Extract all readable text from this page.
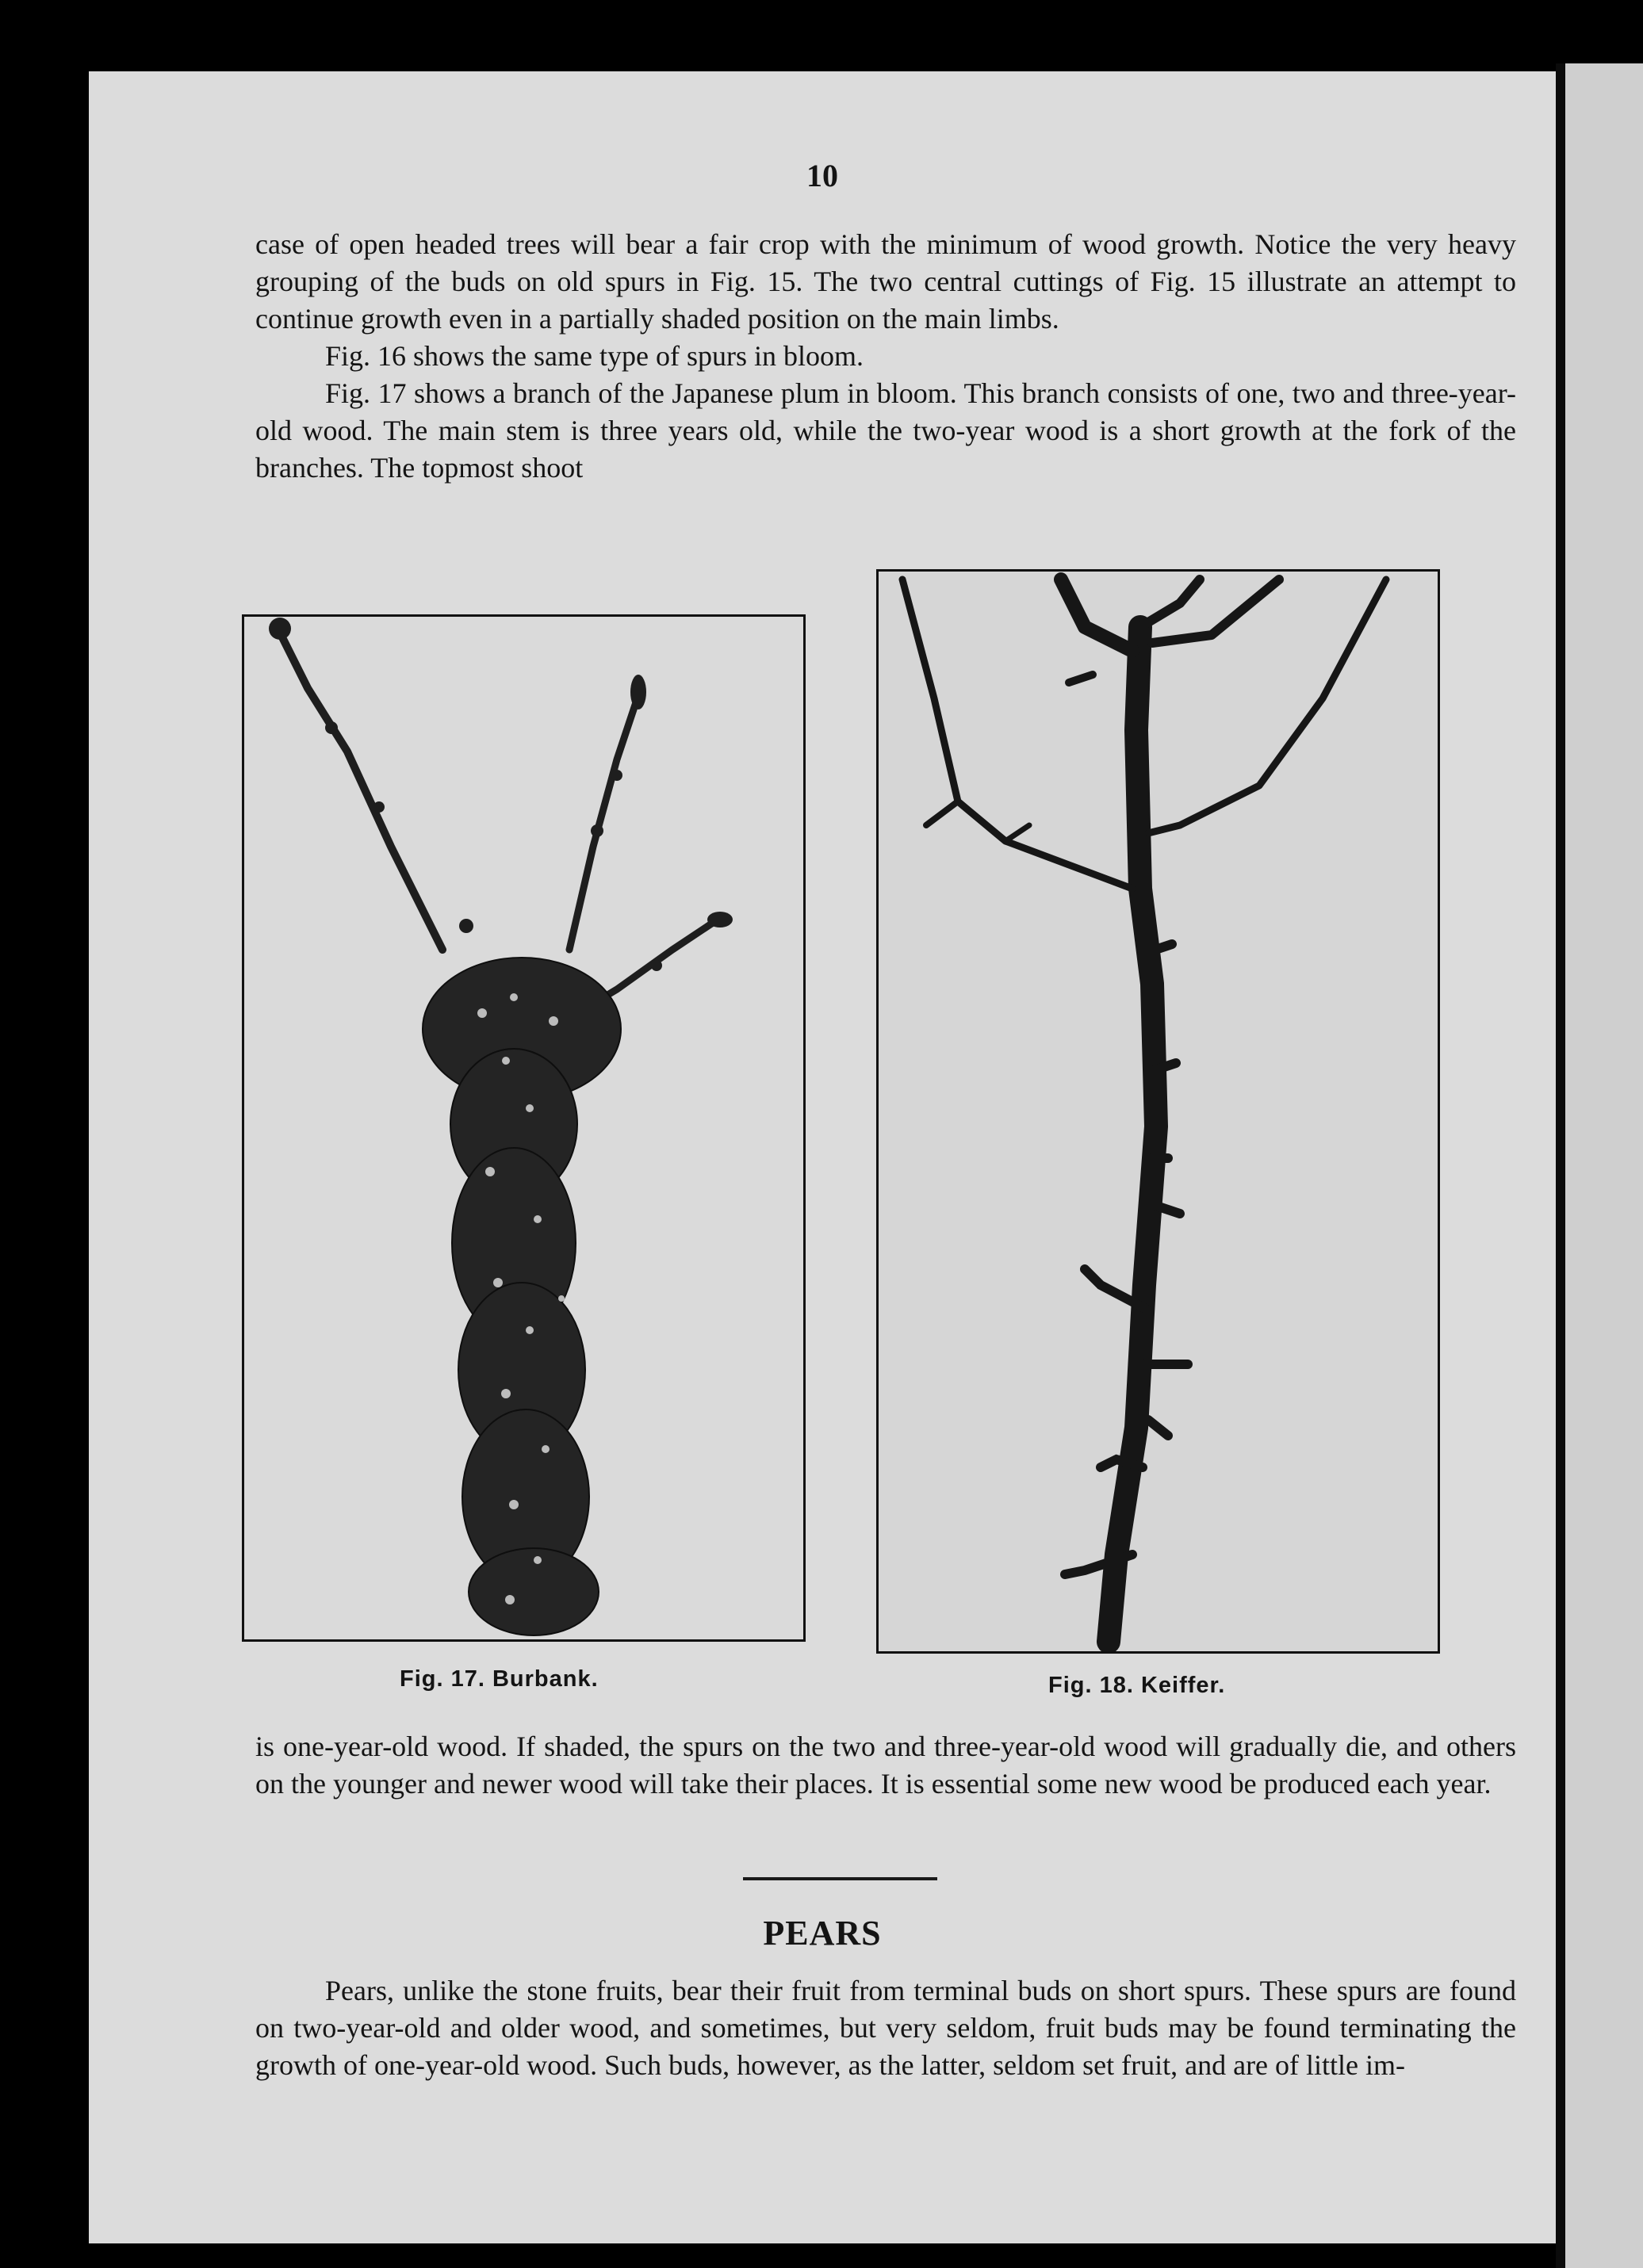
10

case of open headed trees will bear a fair crop with the minimum of wood growth. Notice the very heavy grouping of the buds on old spurs in Fig. 15. The two central cuttings of Fig. 15 illustrate an attempt to continue growth even in a partially shaded position on the main limbs.

Fig. 16 shows the same type of spurs in bloom.

Fig. 17 shows a branch of the Japanese plum in bloom. This branch consists of one, two and three-year-old wood. The main stem is three years old, while the two-year wood is a short growth at the fork of the branches. The topmost shoot

Fig. 17. Burbank.	Fig. 18. Keiffer.

is one-year-old wood. If shaded, the spurs on the two and three-year-old wood will gradually die, and others on the younger and newer wood will take their places. It is essential some new wood be produced each year.

PEARS

Pears, unlike the stone fruits, bear their fruit from terminal buds on short spurs. These spurs are found on two-year-old and older wood, and sometimes, but very seldom, fruit buds may be found terminating the growth of one-year-old wood. Such buds, however, as the latter, seldom set fruit, and are of little im-
